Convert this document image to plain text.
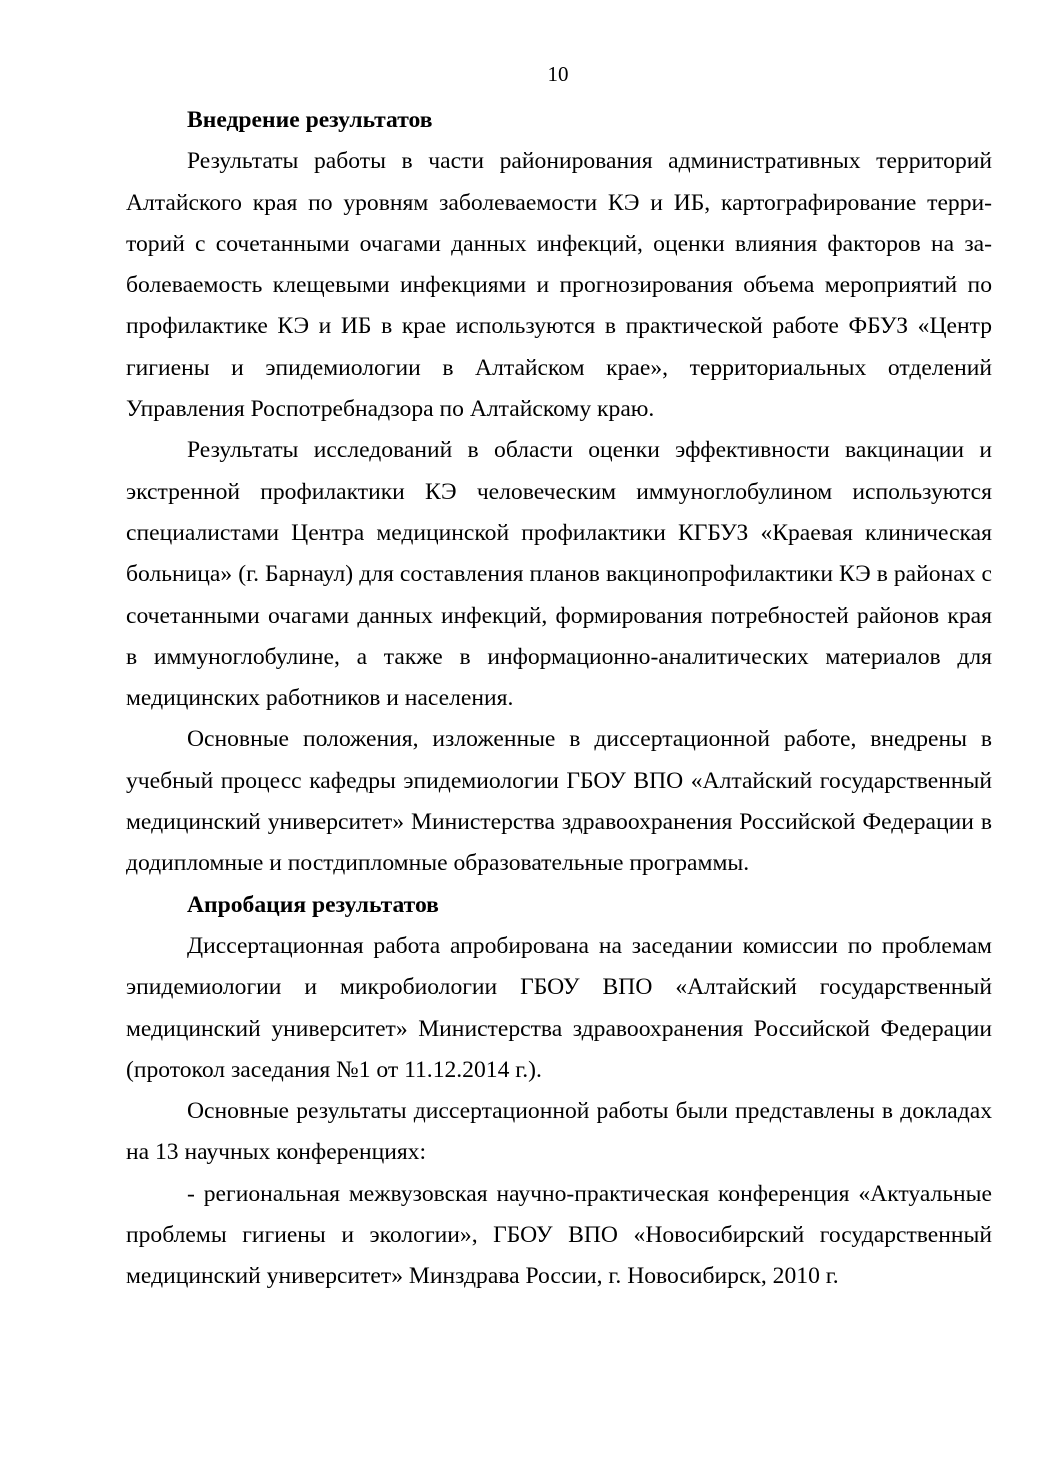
10

Внедрение результатов

Результаты работы в части районирования административных территорий Алтайского края по уровням заболеваемости КЭ и ИБ, картографирование территорий с сочетанными очагами данных инфекций, оценки влияния факторов на заболеваемость клещевыми инфекциями и прогнозирования объема мероприятий по профилактике КЭ и ИБ в крае используются в практической работе ФБУЗ «Центр гигиены и эпидемиологии в Алтайском крае», территориальных отделений Управления Роспотребнадзора по Алтайскому краю.

Результаты исследований в области оценки эффективности вакцинации и экстренной профилактики КЭ человеческим иммуноглобулином используются специалистами Центра медицинской профилактики КГБУЗ «Краевая клиническая больница» (г. Барнаул) для составления планов вакцинопрофилактики КЭ в районах с сочетанными очагами данных инфекций, формирования потребностей районов края в иммуноглобулине, а также в информационно-аналитических материалов для медицинских работников и населения.

Основные положения, изложенные в диссертационной работе, внедрены в учебный процесс кафедры эпидемиологии ГБОУ ВПО «Алтайский государственный медицинский университет» Министерства здравоохранения Российской Федерации в додипломные и постдипломные образовательные программы.

Апробация результатов

Диссертационная работа апробирована на заседании комиссии по проблемам эпидемиологии и микробиологии ГБОУ ВПО «Алтайский государственный медицинский университет» Министерства здравоохранения Российской Федерации (протокол заседания №1 от 11.12.2014 г.).

Основные результаты диссертационной работы были представлены в докладах на 13 научных конференциях:

- региональная межвузовская научно-практическая конференция «Актуальные проблемы гигиены и экологии», ГБОУ ВПО «Новосибирский государственный медицинский университет» Минздрава России, г. Новосибирск, 2010 г.
